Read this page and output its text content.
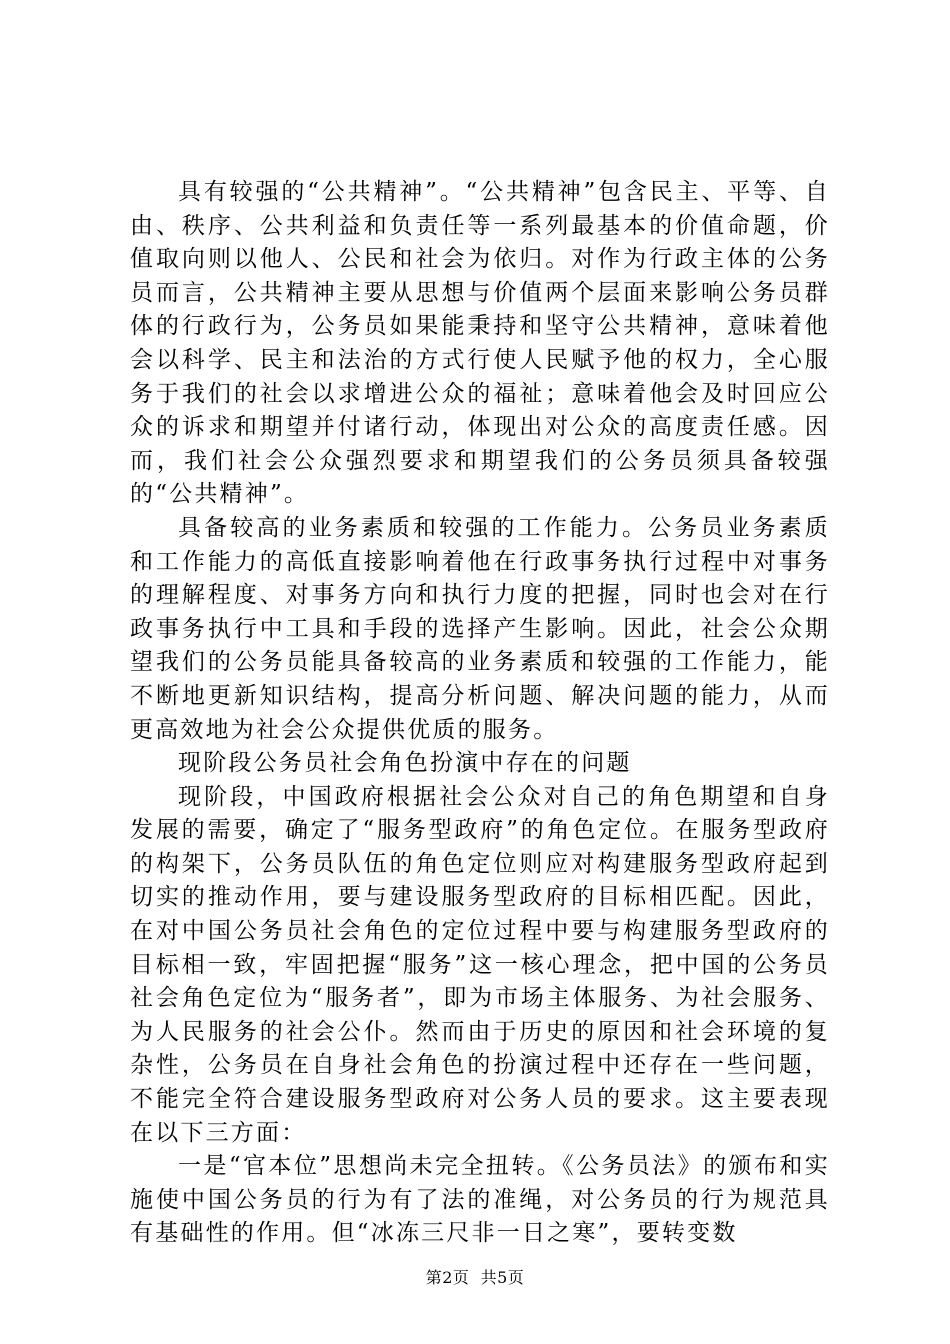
具有较强的“公共精神”。“公共精神”包含民主、平等、自由、秩序、公共利益和负责任等一系列最基本的价值命题，价值取向则以他人、公民和社会为依归。对作为行政主体的公务员而言，公共精神主要从思想与价值两个层面来影响公务员群体的行政行为，公务员如果能秉持和坚守公共精神，意味着他会以科学、民主和法治的方式行使人民赋予他的权力，全心服务于我们的社会以求增进公众的福祉；意味着他会及时回应公众的诉求和期望并付诸行动，体现出对公众的高度责任感。因而，我们社会公众强烈要求和期望我们的公务员须具备较强的“公共精神”。

具备较高的业务素质和较强的工作能力。公务员业务素质和工作能力的高低直接影响着他在行政事务执行过程中对事务的理解程度、对事务方向和执行力度的把握，同时也会对在行政事务执行中工具和手段的选择产生影响。因此，社会公众期望我们的公务员能具备较高的业务素质和较强的工作能力，能不断地更新知识结构，提高分析问题、解决问题的能力，从而更高效地为社会公众提供优质的服务。

现阶段公务员社会角色扮演中存在的问题

现阶段，中国政府根据社会公众对自己的角色期望和自身发展的需要，确定了“服务型政府”的角色定位。在服务型政府的构架下，公务员队伍的角色定位则应对构建服务型政府起到切实的推动作用，要与建设服务型政府的目标相匹配。因此，在对中国公务员社会角色的定位过程中要与构建服务型政府的目标相一致，牢固把握“服务”这一核心理念，把中国的公务员社会角色定位为“服务者”，即为市场主体服务、为社会服务、为人民服务的社会公仆。然而由于历史的原因和社会环境的复杂性，公务员在自身社会角色的扮演过程中还存在一些问题，不能完全符合建设服务型政府对公务人员的要求。这主要表现在以下三方面：

一是“官本位”思想尚未完全扭转。《公务员法》的颁布和实施使中国公务员的行为有了法的准绳，对公务员的行为规范具有基础性的作用。但“冰冻三尺非一日之寒”，要转变数

第2页  共5页
